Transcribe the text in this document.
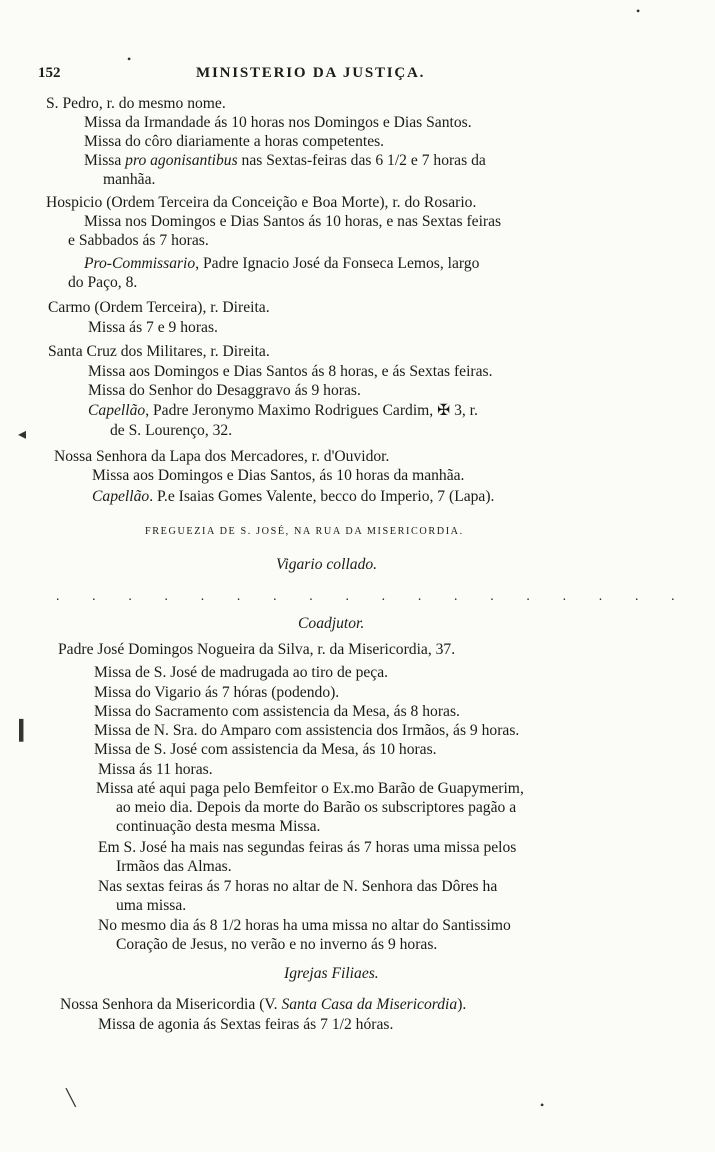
152	MINISTERIO DA JUSTIÇA.
S. Pedro, r. do mesmo nome.
Missa da Irmandade ás 10 horas nos Domingos e Dias Santos.
Missa do côro diariamente a horas competentes.
Missa pro agonisantibus nas Sextas-feiras das 6 1/2 e 7 horas da
manhãa.
Hospicio (Ordem Terceira da Conceição e Boa Morte), r. do Rosario.
Missa nos Domingos e Dias Santos ás 10 horas, e nas Sextas feiras
e Sabbados ás 7 horas.
Pro-Commissario, Padre Ignacio José da Fonseca Lemos, largo
do Paço, 8.
Carmo (Ordem Terceira), r. Direita.
Missa ás 7 e 9 horas.
Santa Cruz dos Militares, r. Direita.
Missa aos Domingos e Dias Santos ás 8 horas, e ás Sextas feiras.
Missa do Senhor do Desaggravo ás 9 horas.
Capellão, Padre Jeronymo Maximo Rodrigues Cardim, ✠ 3, r.
de S. Lourenço, 32.
Nossa Senhora da Lapa dos Mercadores, r. d'Ouvidor.
Missa aos Domingos e Dias Santos, ás 10 horas da manhãa.
Capellão. P.e Isaias Gomes Valente, becco do Imperio, 7 (Lapa).
FREGUEZIA DE S. JOSÉ, NA RUA DA MISERICORDIA.
Vigario collado.
. . . . . . . . . . . . . . . . . .
Coadjutor.
Padre José Domingos Nogueira da Silva, r. da Misericordia, 37.
Missa de S. José de madrugada ao tiro de peça.
Missa do Vigario ás 7 hóras (podendo).
Missa do Sacramento com assistencia da Mesa, ás 8 horas.
Missa de N. Sra. do Amparo com assistencia dos Irmãos, ás 9 horas.
Missa de S. José com assistencia da Mesa, ás 10 horas.
Missa ás 11 horas.
Missa até aqui paga pelo Bemfeitor o Ex.mo Barão de Guapymerim,
ao meio dia. Depois da morte do Barão os subscriptores pagão a
continuação desta mesma Missa.
Em S. José ha mais nas segundas feiras ás 7 horas uma missa pelos
Irmãos das Almas.
Nas sextas feiras ás 7 horas no altar de N. Senhora das Dôres ha
uma missa.
No mesmo dia ás 8 1/2 horas ha uma missa no altar do Santissimo
Coração de Jesus, no verão e no inverno ás 9 horas.
Igrejas Filiaes.
Nossa Senhora da Misericordia (V. Santa Casa da Misericordia).
Missa de agonia ás Sextas feiras ás 7 1/2 hóras.
•
•
◂
❙
╲	•
